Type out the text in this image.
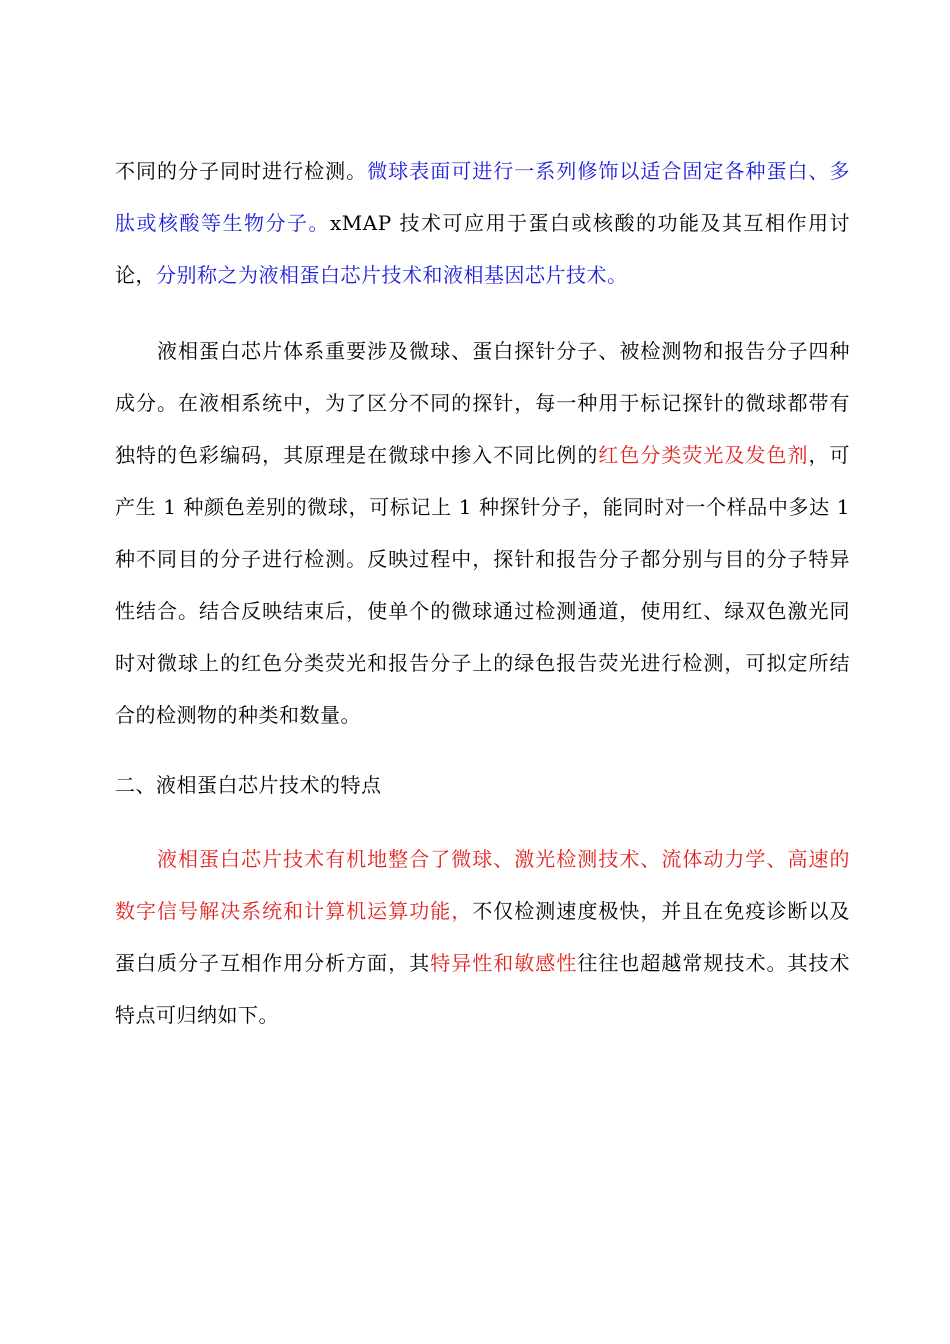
不同的分子同时进行检测。微球表面可进行一系列修饰以适合固定各种蛋白、多肽或核酸等生物分子。xMAP 技术可应用于蛋白或核酸的功能及其互相作用讨论，分别称之为液相蛋白芯片技术和液相基因芯片技术。

液相蛋白芯片体系重要涉及微球、蛋白探针分子、被检测物和报告分子四种成分。在液相系统中，为了区分不同的探针，每一种用于标记探针的微球都带有独特的色彩编码，其原理是在微球中掺入不同比例的红色分类荧光及发色剂，可产生 1 种颜色差别的微球，可标记上 1 种探针分子，能同时对一个样品中多达 1 种不同目的分子进行检测。反映过程中，探针和报告分子都分别与目的分子特异性结合。结合反映结束后，使单个的微球通过检测通道，使用红、绿双色激光同时对微球上的红色分类荧光和报告分子上的绿色报告荧光进行检测，可拟定所结合的检测物的种类和数量。

二、液相蛋白芯片技术的特点

液相蛋白芯片技术有机地整合了微球、激光检测技术、流体动力学、高速的数字信号解决系统和计算机运算功能，不仅检测速度极快，并且在免疫诊断以及蛋白质分子互相作用分析方面，其特异性和敏感性往往也超越常规技术。其技术特点可归纳如下。
